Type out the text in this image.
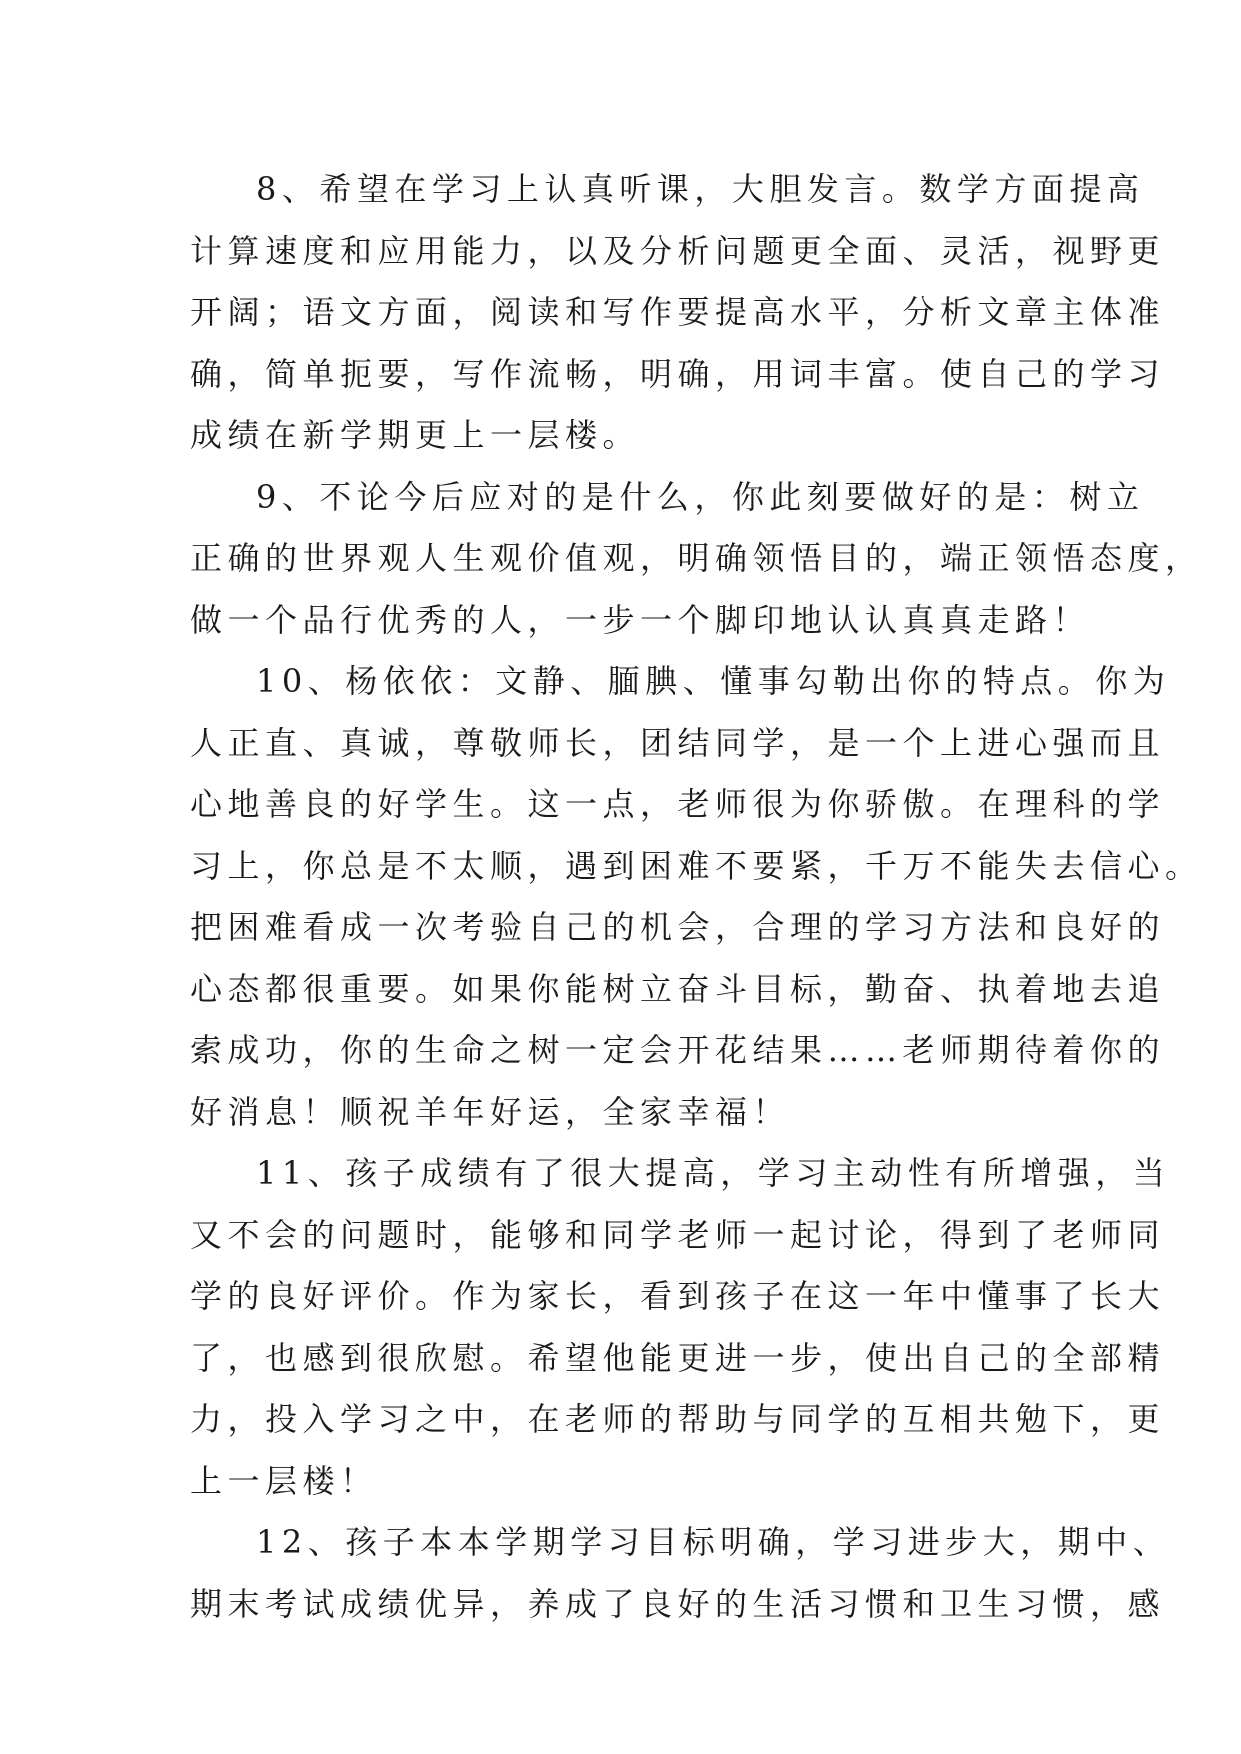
8、希望在学习上认真听课，大胆发言。数学方面提高
计算速度和应用能力，以及分析问题更全面、灵活，视野更
开阔；语文方面，阅读和写作要提高水平，分析文章主体准
确，简单扼要，写作流畅，明确，用词丰富。使自己的学习
成绩在新学期更上一层楼。
9、不论今后应对的是什么，你此刻要做好的是：树立
正确的世界观人生观价值观，明确领悟目的，端正领悟态度，
做一个品行优秀的人，一步一个脚印地认认真真走路！
10、杨依依：文静、腼腆、懂事勾勒出你的特点。你为
人正直、真诚，尊敬师长，团结同学，是一个上进心强而且
心地善良的好学生。这一点，老师很为你骄傲。在理科的学
习上，你总是不太顺，遇到困难不要紧，千万不能失去信心。
把困难看成一次考验自己的机会，合理的学习方法和良好的
心态都很重要。如果你能树立奋斗目标，勤奋、执着地去追
索成功，你的生命之树一定会开花结果……老师期待着你的
好消息！顺祝羊年好运，全家幸福！
11、孩子成绩有了很大提高，学习主动性有所增强，当
又不会的问题时，能够和同学老师一起讨论，得到了老师同
学的良好评价。作为家长，看到孩子在这一年中懂事了长大
了，也感到很欣慰。希望他能更进一步，使出自己的全部精
力，投入学习之中，在老师的帮助与同学的互相共勉下，更
上一层楼！
12、孩子本本学期学习目标明确，学习进步大，期中、
期末考试成绩优异，养成了良好的生活习惯和卫生习惯，感
